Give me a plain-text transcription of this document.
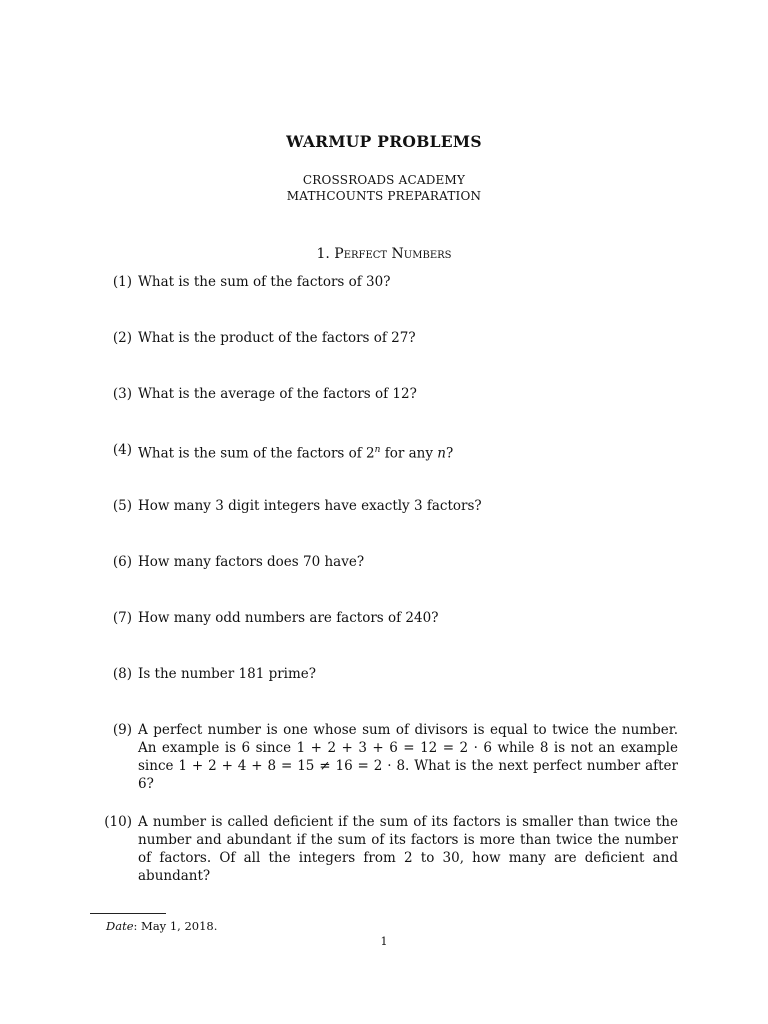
WARMUP PROBLEMS
CROSSROADS ACADEMY
MATHCOUNTS PREPARATION
1. Perfect Numbers
(1) What is the sum of the factors of 30?
(2) What is the product of the factors of 27?
(3) What is the average of the factors of 12?
(4) What is the sum of the factors of 2$^n$ for any n?
(5) How many 3 digit integers have exactly 3 factors?
(6) How many factors does 70 have?
(7) How many odd numbers are factors of 240?
(8) Is the number 181 prime?
(9) A perfect number is one whose sum of divisors is equal to twice the number. An example is 6 since 1 + 2 + 3 + 6 = 12 = 2 · 6 while 8 is not an example since 1 + 2 + 4 + 8 = 15 ≠ 16 = 2 · 8. What is the next perfect number after 6?
(10) A number is called deficient if the sum of its factors is smaller than twice the number and abundant if the sum of its factors is more than twice the number of factors. Of all the integers from 2 to 30, how many are deficient and abundant?
Date: May 1, 2018.
1
